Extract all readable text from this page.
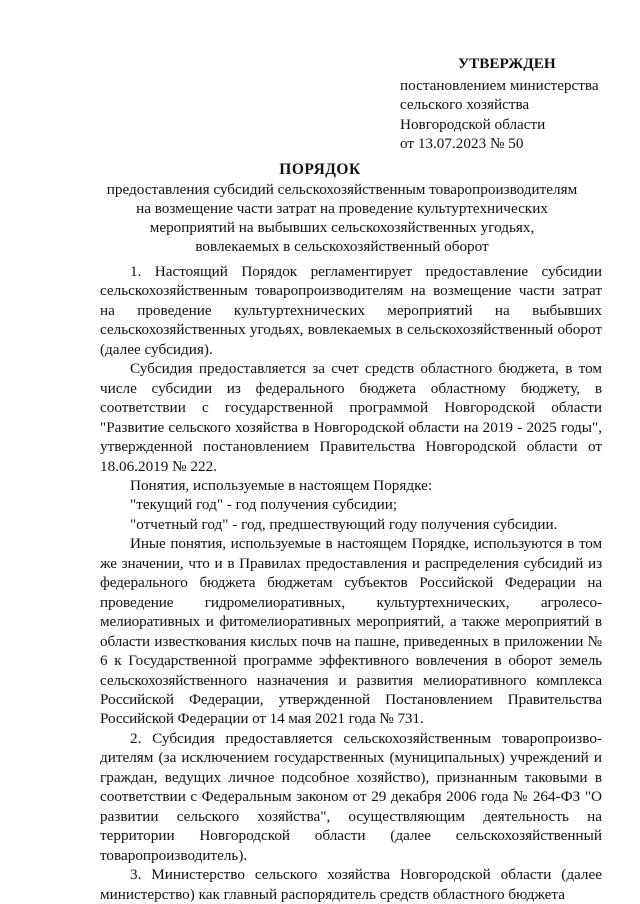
УТВЕРЖДЕН
постановлением министерства
сельского хозяйства
Новгородской области
от 13.07.2023 № 50
ПОРЯДОК
предоставления субсидий сельскохозяйственным товаропроизводителям
на возмещение части затрат на проведение культуртехнических
мероприятий на выбывших сельскохозяйственных угодьях,
вовлекаемых в сельскохозяйственный оборот

1. Настоящий Порядок регламентирует предоставление субсидии сельскохозяйственным товаропроизводителям на возмещение части затрат на проведение культуртехнических мероприятий на выбывших сельскохозяйственных угодьях, вовлекаемых в сельскохозяйственный оборот (далее субсидия).

Субсидия предоставляется за счет средств областного бюджета, в том числе субсидии из федерального бюджета областному бюджету, в соответствии с государственной программой Новгородской области "Развитие сельского хозяйства в Новгородской области на 2019 - 2025 годы", утвержденной постановлением Правительства Новгородской области от 18.06.2019 № 222.

Понятия, используемые в настоящем Порядке:

"текущий год" - год получения субсидии;

"отчетный год" - год, предшествующий году получения субсидии.

Иные понятия, используемые в настоящем Порядке, используются в том же значении, что и в Правилах предоставления и распределения субсидий из федерального бюджета бюджетам субъектов Российской Федерации на проведение гидромелиоративных, культуртехнических, агролесо-мелиоративных и фитомелиоративных мероприятий, а также мероприятий в области известкования кислых почв на пашне, приведенных в приложении № 6 к Государственной программе эффективного вовлечения в оборот земель сельскохозяйственного назначения и развития мелиоративного комплекса Российской Федерации, утвержденной Постановлением Правительства Российской Федерации от 14 мая 2021 года № 731.

2. Субсидия предоставляется сельскохозяйственным товаропроизво-дителям (за исключением государственных (муниципальных) учреждений и граждан, ведущих личное подсобное хозяйство), признанным таковыми в соответствии с Федеральным законом от 29 декабря 2006 года № 264-ФЗ "О развитии сельского хозяйства", осуществляющим деятельность на территории Новгородской области (далее сельскохозяйственный товаропроизводитель).

3. Министерство сельского хозяйства Новгородской области (далее министерство) как главный распорядитель средств областного бюджета
